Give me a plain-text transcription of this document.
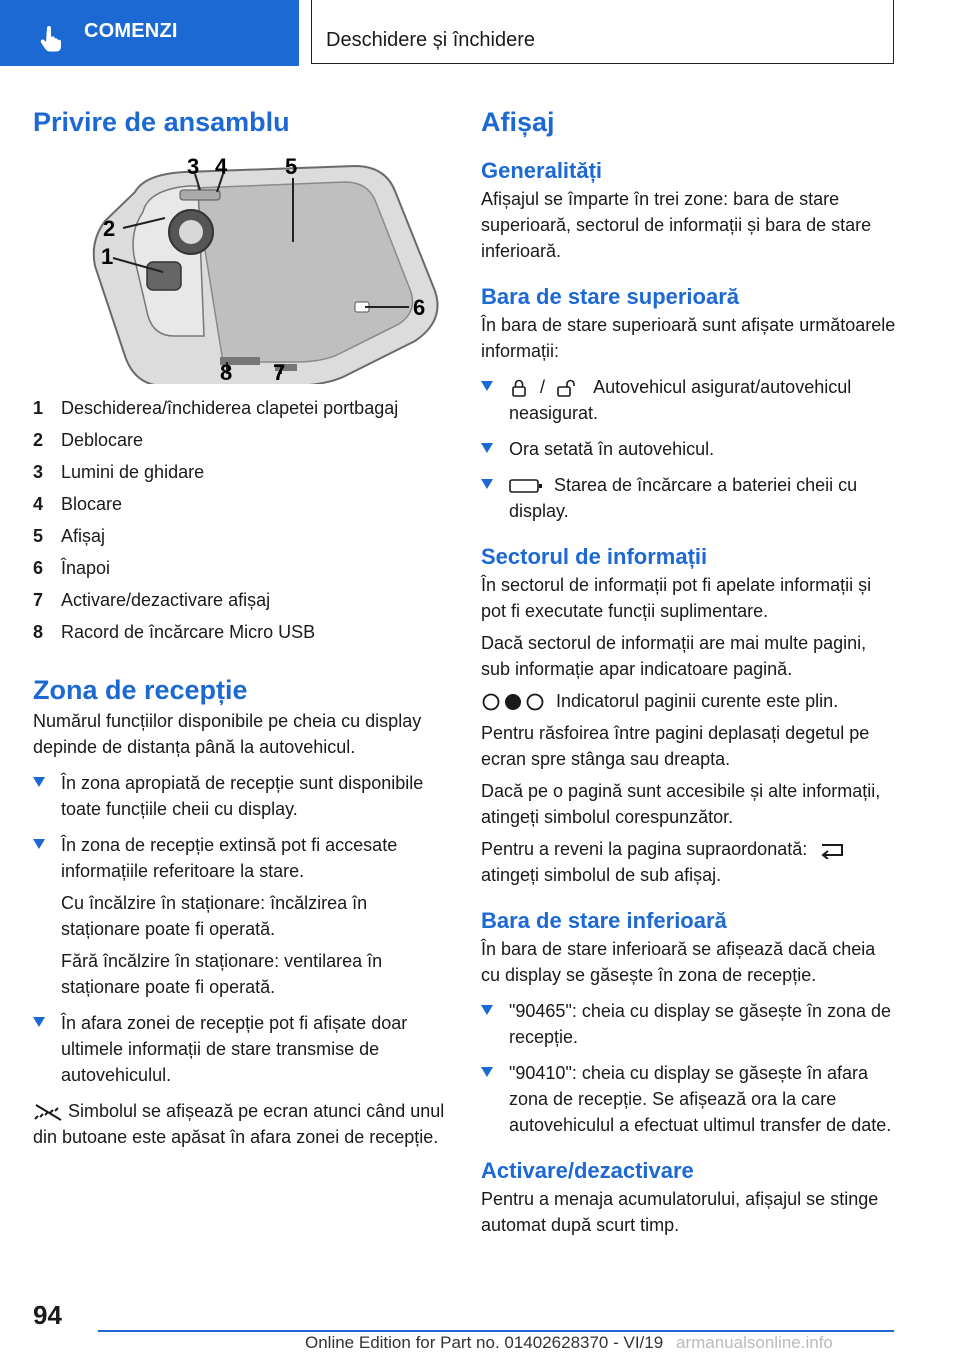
COMENZI	Deschidere și închidere
Privire de ansamblu
3 4	5
2
1
6
8 7
1 Deschiderea/închiderea clapetei portbagaj
2 Deblocare
3 Lumini de ghidare
4 Blocare
5 Afișaj
6 Înapoi
7 Activare/dezactivare afișaj
8 Racord de încărcare Micro USB
Zona de recepție

Numărul funcțiilor disponibile pe cheia cu display depinde de distanța până la autovehicul.

În zona apropiată de recepție sunt disponibile toate funcțiile cheii cu display.
În zona de recepție extinsă pot fi accesate informațiile referitoare la stare.

Cu încălzire în staționare: încălzirea în staționare poate fi operată.

Fără încălzire în staționare: ventilarea în staționare poate fi operată.

În afara zonei de recepție pot fi afișate doar ultimele informații de stare transmise de autovehiculul.

Simbolul se afișează pe ecran atunci când unul din butoane este apăsat în afara zonei de recepție.

Afișaj
Generalități

Afișajul se împarte în trei zone: bara de stare superioară, sectorul de informații și bara de stare inferioară.

Bara de stare superioară

În bara de stare superioară sunt afișate următoarele informații:

/	Autovehicul asigurat/autovehicul neasigurat.
Ora setată în autovehicul.
Starea de încărcare a bateriei cheii cu display.
Sectorul de informații

În sectorul de informații pot fi apelate informații și pot fi executate funcții suplimentare.

Dacă sectorul de informații are mai multe pagini, sub informație apar indicatoare pagină.

Indicatorul paginii curente este plin.

Pentru răsfoirea între pagini deplasați degetul pe ecran spre stânga sau dreapta.

Dacă pe o pagină sunt accesibile și alte informații, atingeți simbolul corespunzător.

Pentru a reveni la pagina supraordonată:
atingeți simbolul de sub afișaj.

Bara de stare inferioară

În bara de stare inferioară se afișează dacă cheia cu display se găsește în zona de recepție.

"90465": cheia cu display se găsește în zona de recepție.
"90410": cheia cu display se găsește în afara zona de recepție. Se afișează ora la care autovehiculul a efectuat ultimul transfer de date.
Activare/dezactivare

Pentru a menaja acumulatorului, afișajul se stinge automat după scurt timp.

94
Online Edition for Part no. 01402628370 - VI/19 armanualsonline.info
